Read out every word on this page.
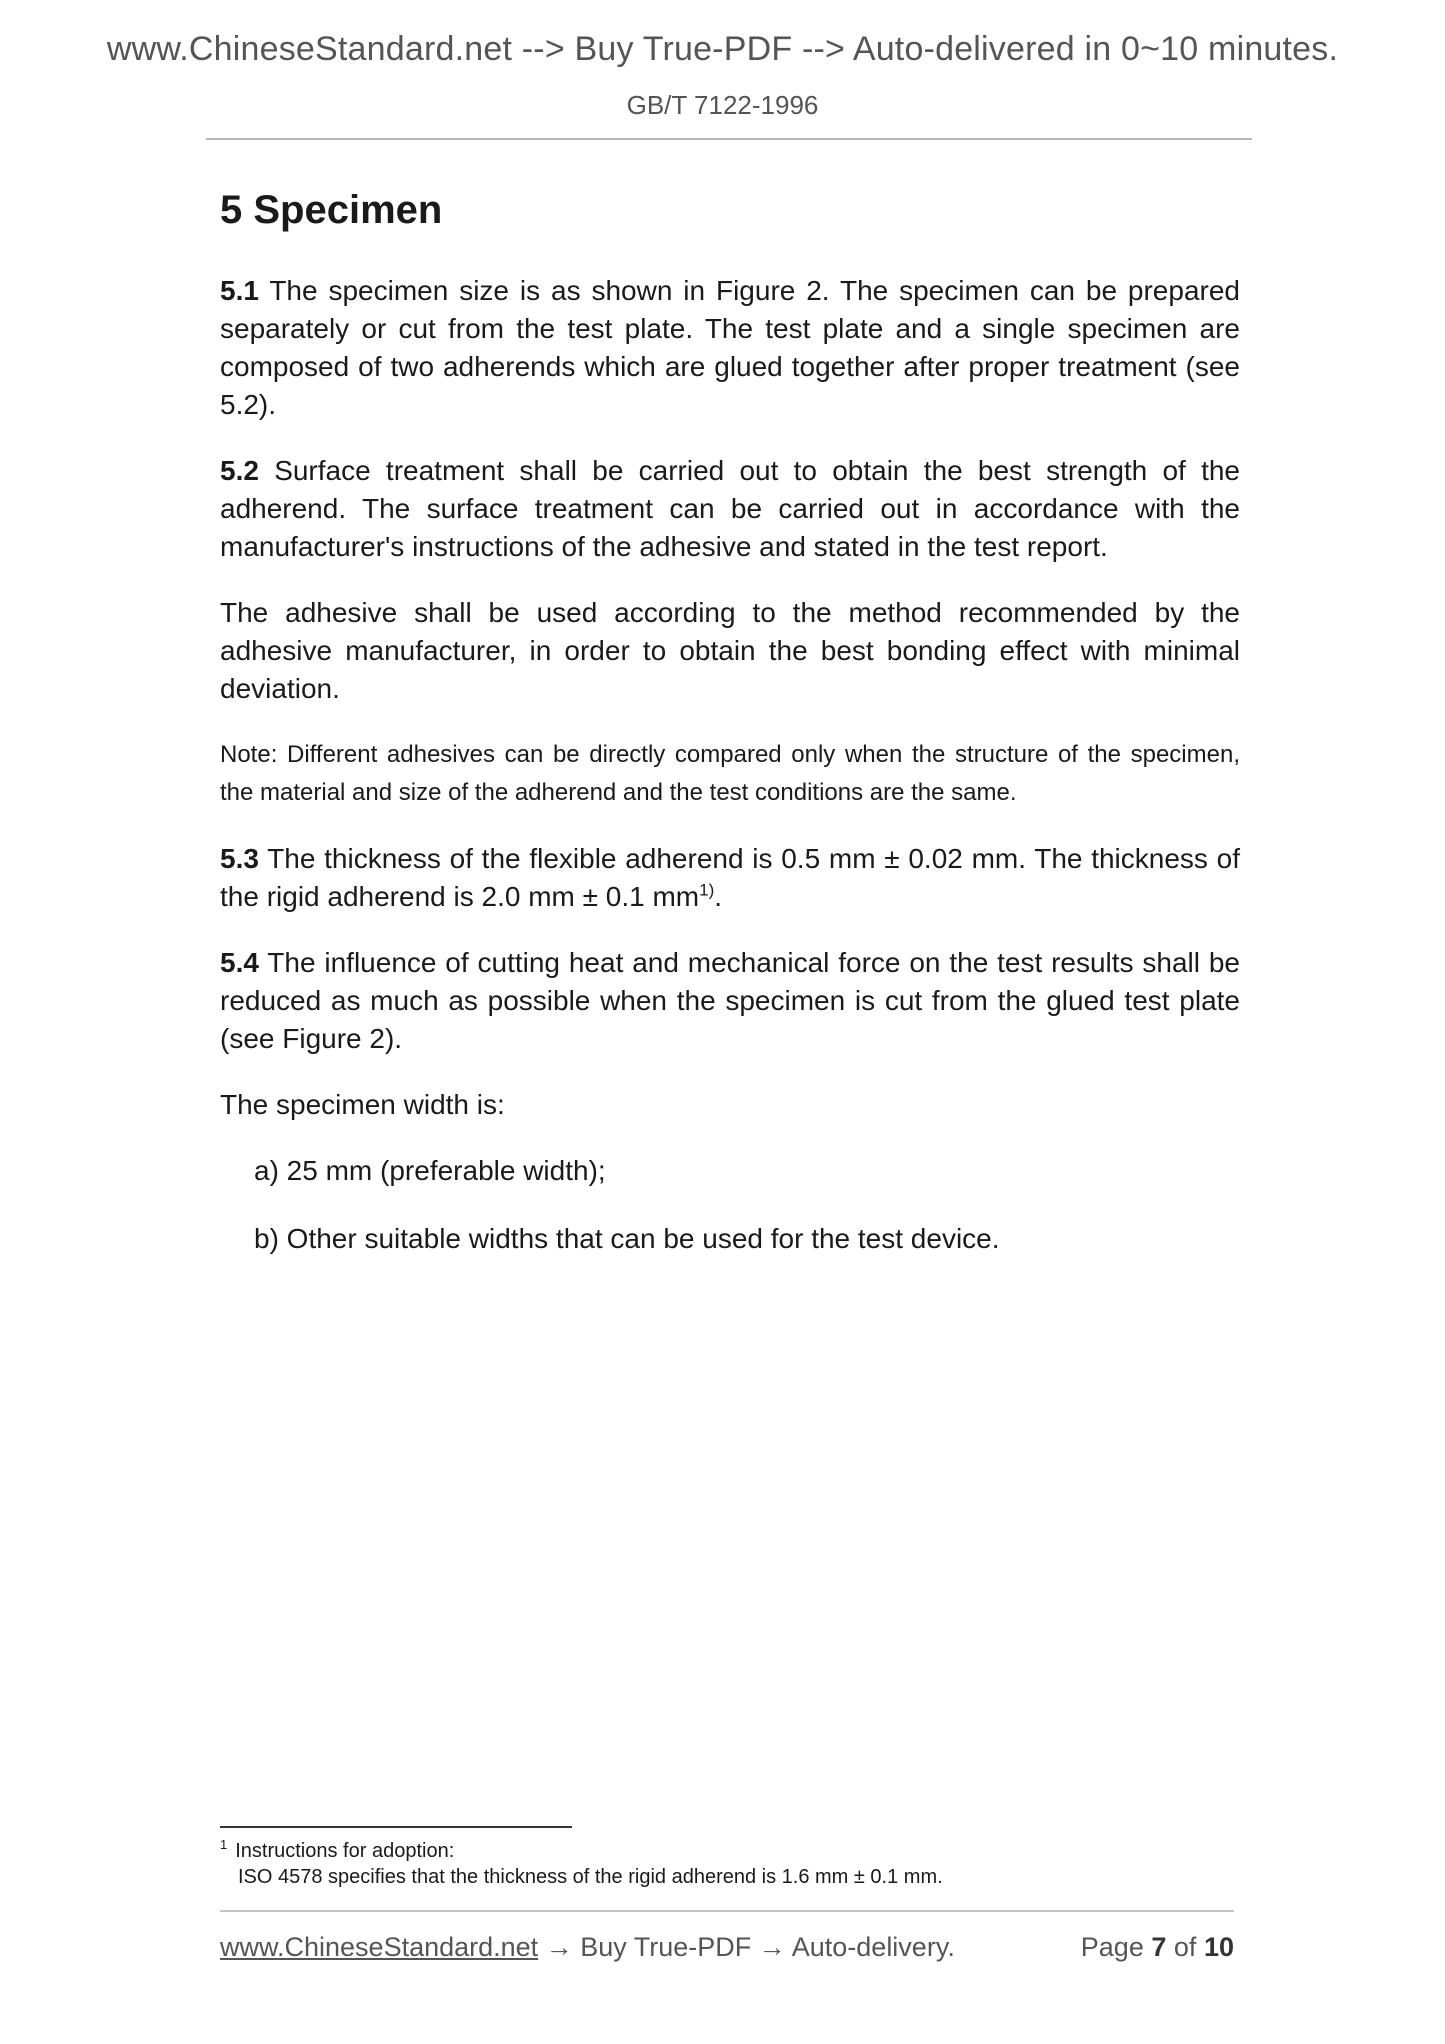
www.ChineseStandard.net --> Buy True-PDF --> Auto-delivered in 0~10 minutes.
GB/T 7122-1996
5 Specimen

5.1 The specimen size is as shown in Figure 2. The specimen can be prepared separately or cut from the test plate. The test plate and a single specimen are composed of two adherends which are glued together after proper treatment (see 5.2).

5.2 Surface treatment shall be carried out to obtain the best strength of the adherend. The surface treatment can be carried out in accordance with the manufacturer's instructions of the adhesive and stated in the test report.

The adhesive shall be used according to the method recommended by the adhesive manufacturer, in order to obtain the best bonding effect with minimal deviation.

Note: Different adhesives can be directly compared only when the structure of the specimen, the material and size of the adherend and the test conditions are the same.

5.3 The thickness of the flexible adherend is 0.5 mm ± 0.02 mm. The thickness of the rigid adherend is 2.0 mm ± 0.1 $mm^{1)}$.

5.4 The influence of cutting heat and mechanical force on the test results shall be reduced as much as possible when the specimen is cut from the glued test plate (see Figure 2).

The specimen width is:

a) 25 mm (preferable width);

b) Other suitable widths that can be used for the test device.

$^1$ Instructions for adoption:
ISO 4578 specifies that the thickness of the rigid adherend is 1.6 mm ± 0.1 mm.
www.ChineseStandard.net → Buy True-PDF → Auto-delivery.	Page 7 of 10
